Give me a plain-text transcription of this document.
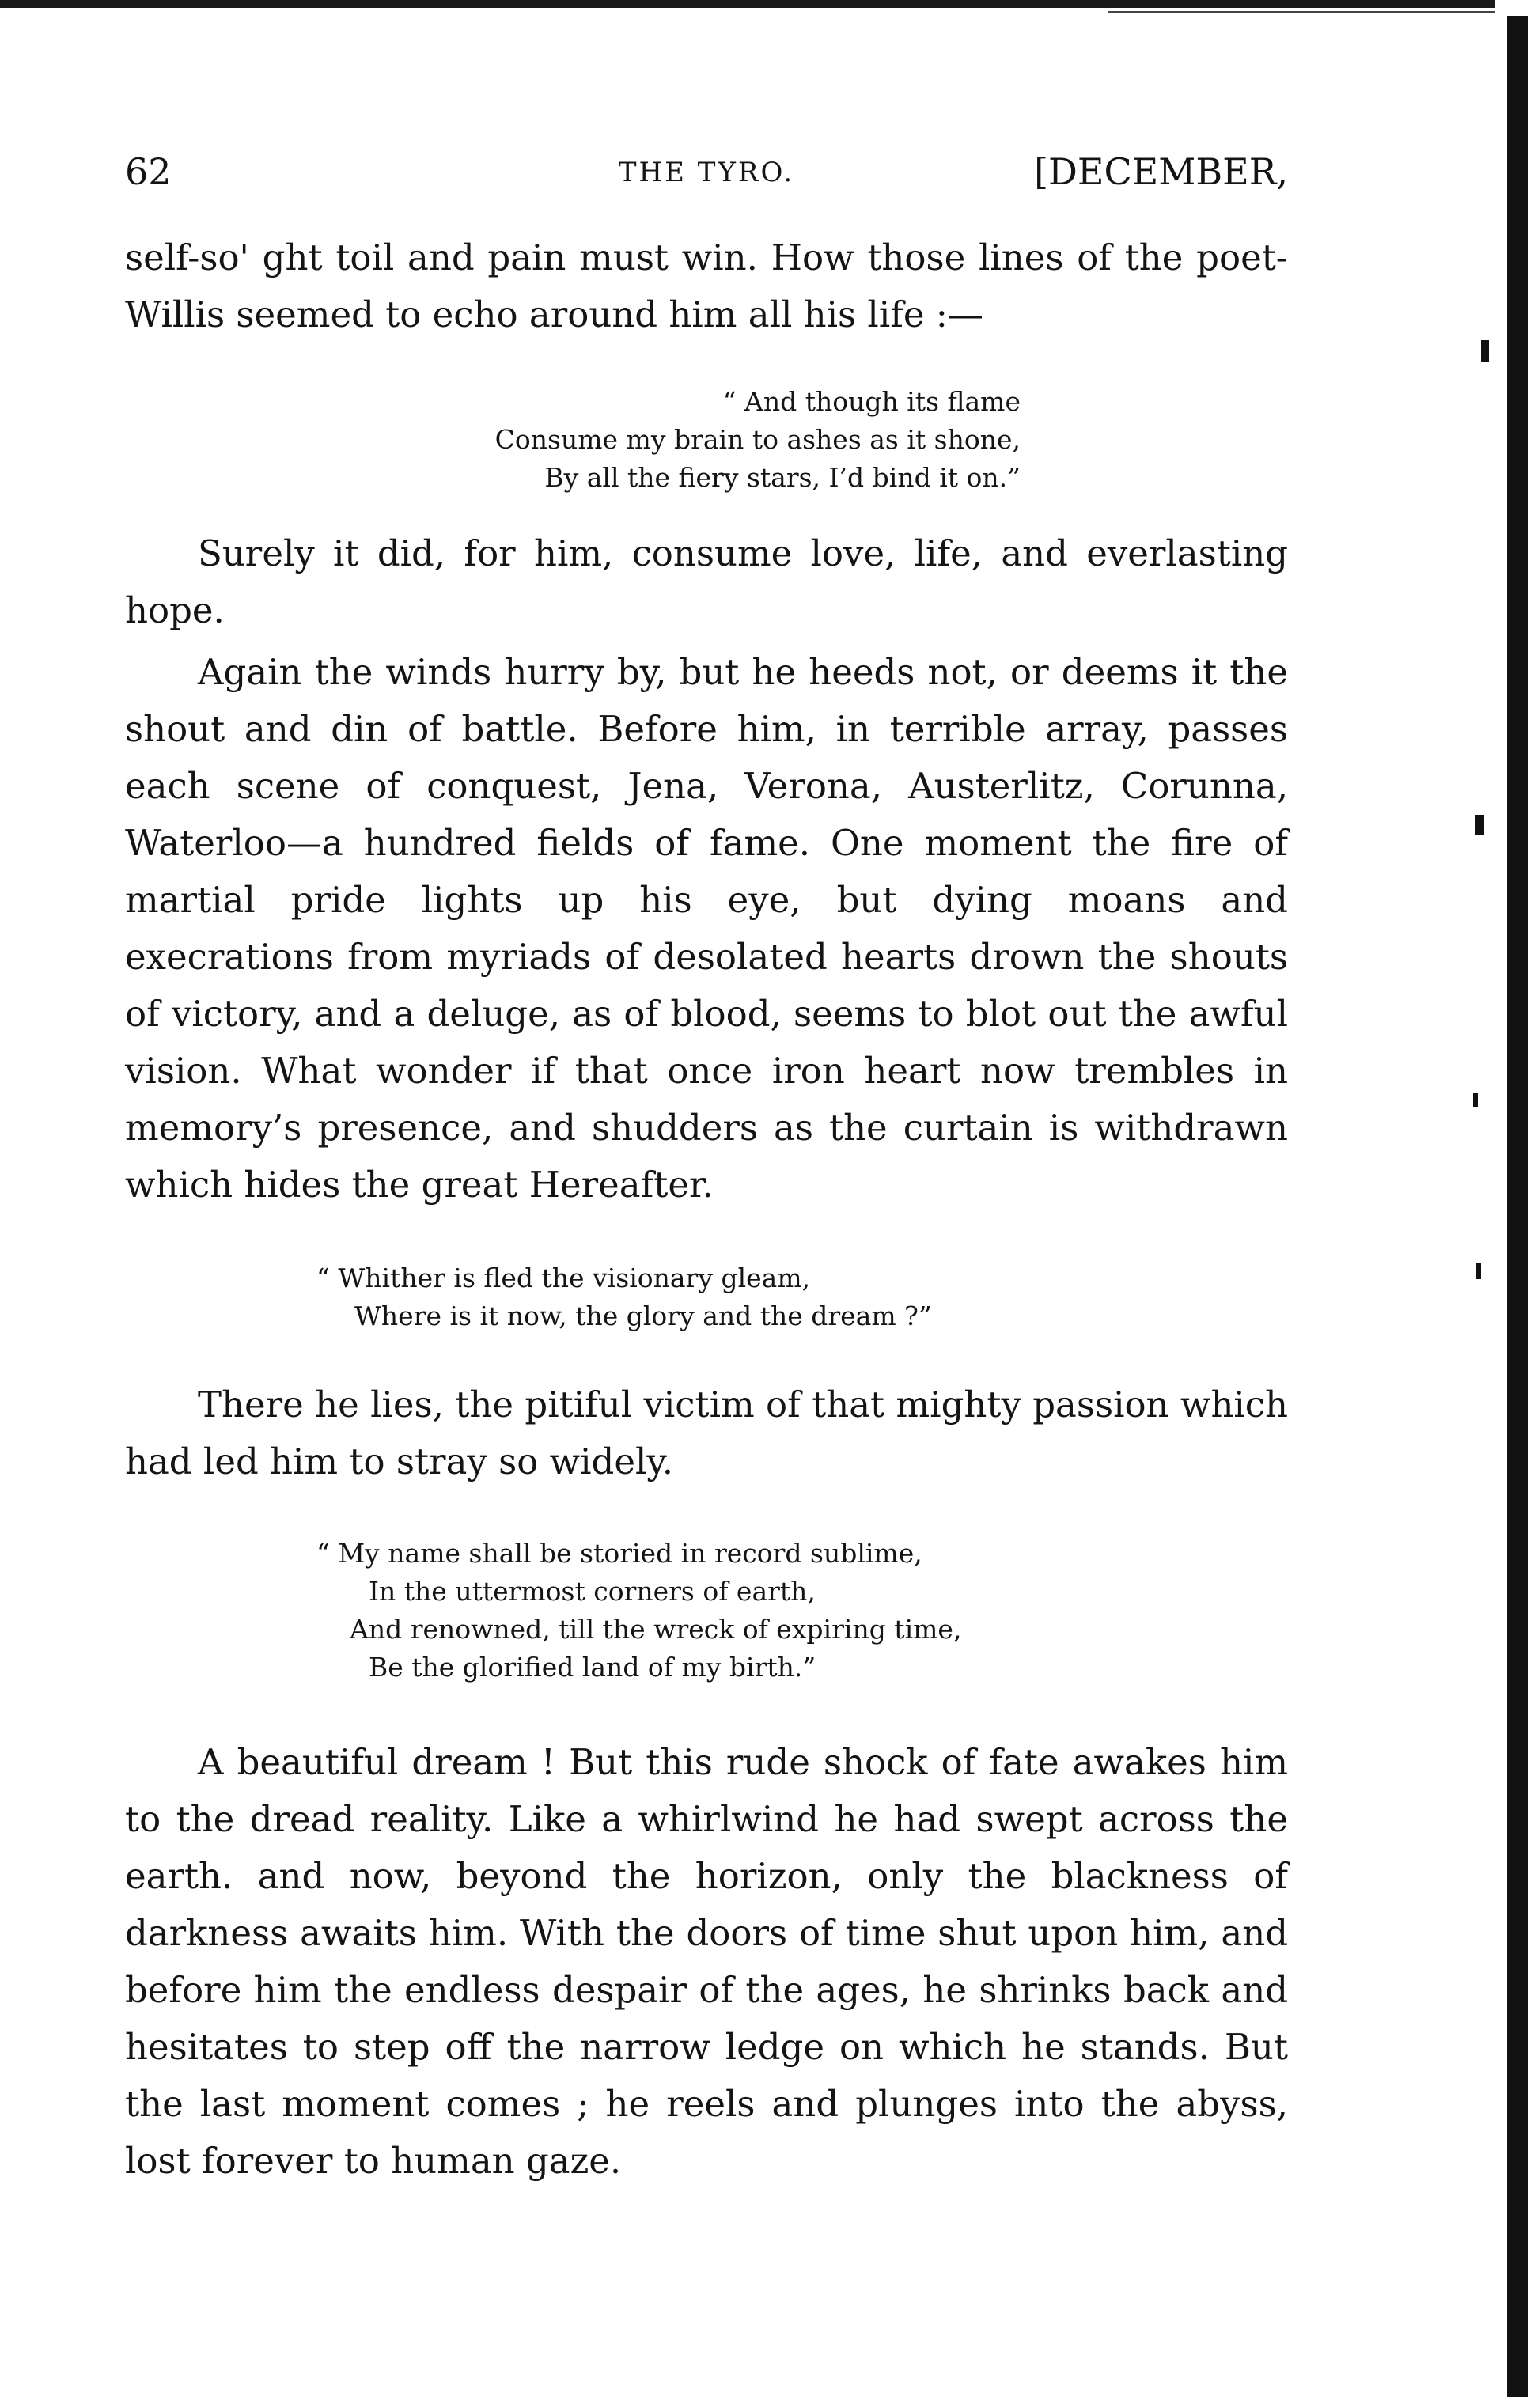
62	THE TYRO.	[DECEMBER,

self-so' ght toil and pain must win. How those lines of the poet-Willis seemed to echo around him all his life :—

“ And though its flame
Consume my brain to ashes as it shone,
By all the fiery stars, I’d bind it on.”

Surely it did, for him, consume love, life, and everlasting hope.

Again the winds hurry by, but he heeds not, or deems it the shout and din of battle. Before him, in terrible array, passes each scene of conquest, Jena, Verona, Austerlitz, Corunna, Waterloo—a hundred fields of fame. One moment the fire of martial pride lights up his eye, but dying moans and execrations from myriads of desolated hearts drown the shouts of victory, and a deluge, as of blood, seems to blot out the awful vision. What wonder if that once iron heart now trembles in memory’s presence, and shudders as the curtain is withdrawn which hides the great Hereafter.

“ Whither is fled the visionary gleam,
Where is it now, the glory and the dream ?”

There he lies, the pitiful victim of that mighty passion which had led him to stray so widely.

“ My name shall be storied in record sublime,
In the uttermost corners of earth,
And renowned, till the wreck of expiring time,
Be the glorified land of my birth.”

A beautiful dream ! But this rude shock of fate awakes him to the dread reality. Like a whirlwind he had swept across the earth. and now, beyond the horizon, only the blackness of darkness awaits him. With the doors of time shut upon him, and before him the endless despair of the ages, he shrinks back and hesitates to step off the narrow ledge on which he stands. But the last moment comes ; he reels and plunges into the abyss, lost forever to human gaze.
